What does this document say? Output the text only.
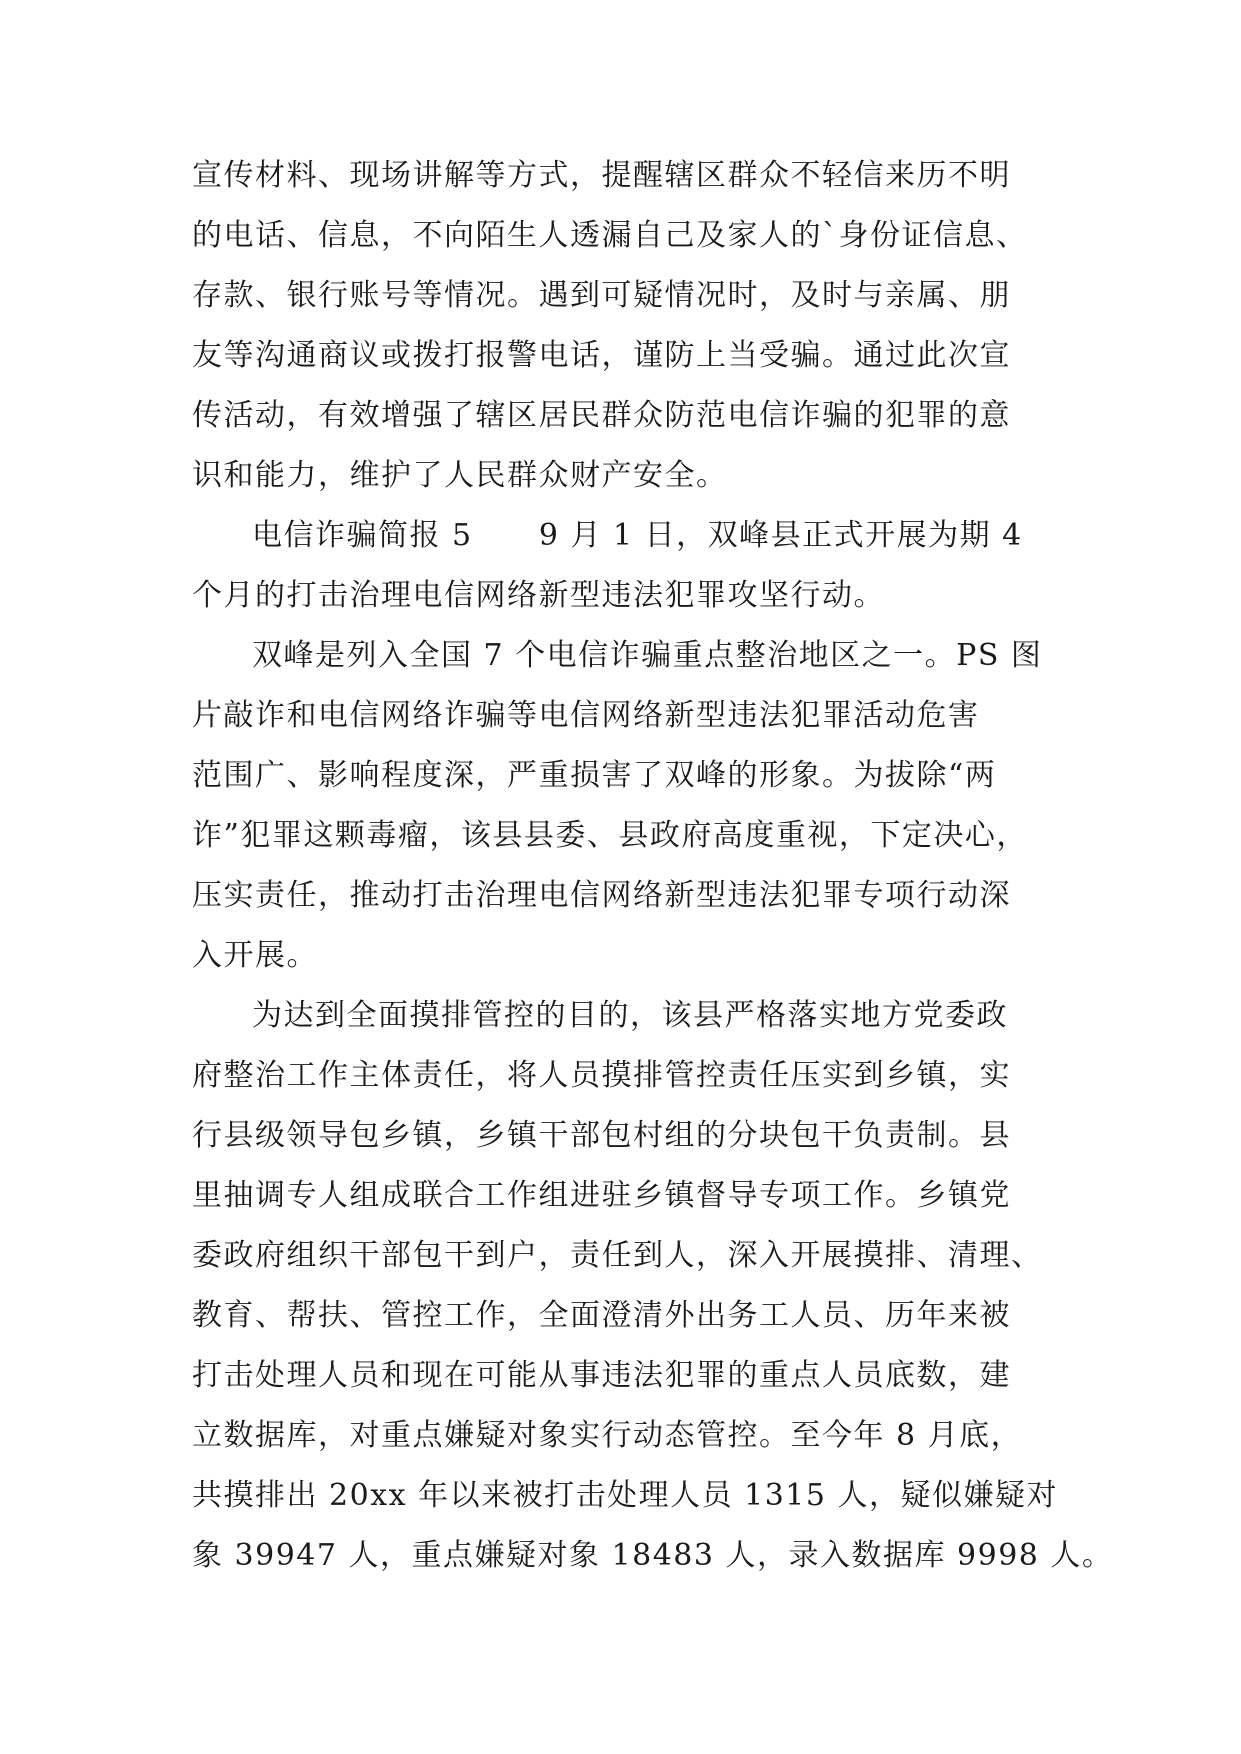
宣传材料、现场讲解等方式，提醒辖区群众不轻信来历不明
的电话、信息，不向陌生人透漏自己及家人的`身份证信息、
存款、银行账号等情况。遇到可疑情况时，及时与亲属、朋
友等沟通商议或拨打报警电话，谨防上当受骗。通过此次宣
传活动，有效增强了辖区居民群众防范电信诈骗的犯罪的意
识和能力，维护了人民群众财产安全。
电信诈骗简报 5      9 月 1 日，双峰县正式开展为期 4
个月的打击治理电信网络新型违法犯罪攻坚行动。
双峰是列入全国 7 个电信诈骗重点整治地区之一。PS 图
片敲诈和电信网络诈骗等电信网络新型违法犯罪活动危害
范围广、影响程度深，严重损害了双峰的形象。为拔除“两
诈”犯罪这颗毒瘤，该县县委、县政府高度重视，下定决心，
压实责任，推动打击治理电信网络新型违法犯罪专项行动深
入开展。
为达到全面摸排管控的目的，该县严格落实地方党委政
府整治工作主体责任，将人员摸排管控责任压实到乡镇，实
行县级领导包乡镇，乡镇干部包村组的分块包干负责制。县
里抽调专人组成联合工作组进驻乡镇督导专项工作。乡镇党
委政府组织干部包干到户，责任到人，深入开展摸排、清理、
教育、帮扶、管控工作，全面澄清外出务工人员、历年来被
打击处理人员和现在可能从事违法犯罪的重点人员底数，建
立数据库，对重点嫌疑对象实行动态管控。至今年 8 月底，
共摸排出 20xx 年以来被打击处理人员 1315 人，疑似嫌疑对
象 39947 人，重点嫌疑对象 18483 人，录入数据库 9998 人。
